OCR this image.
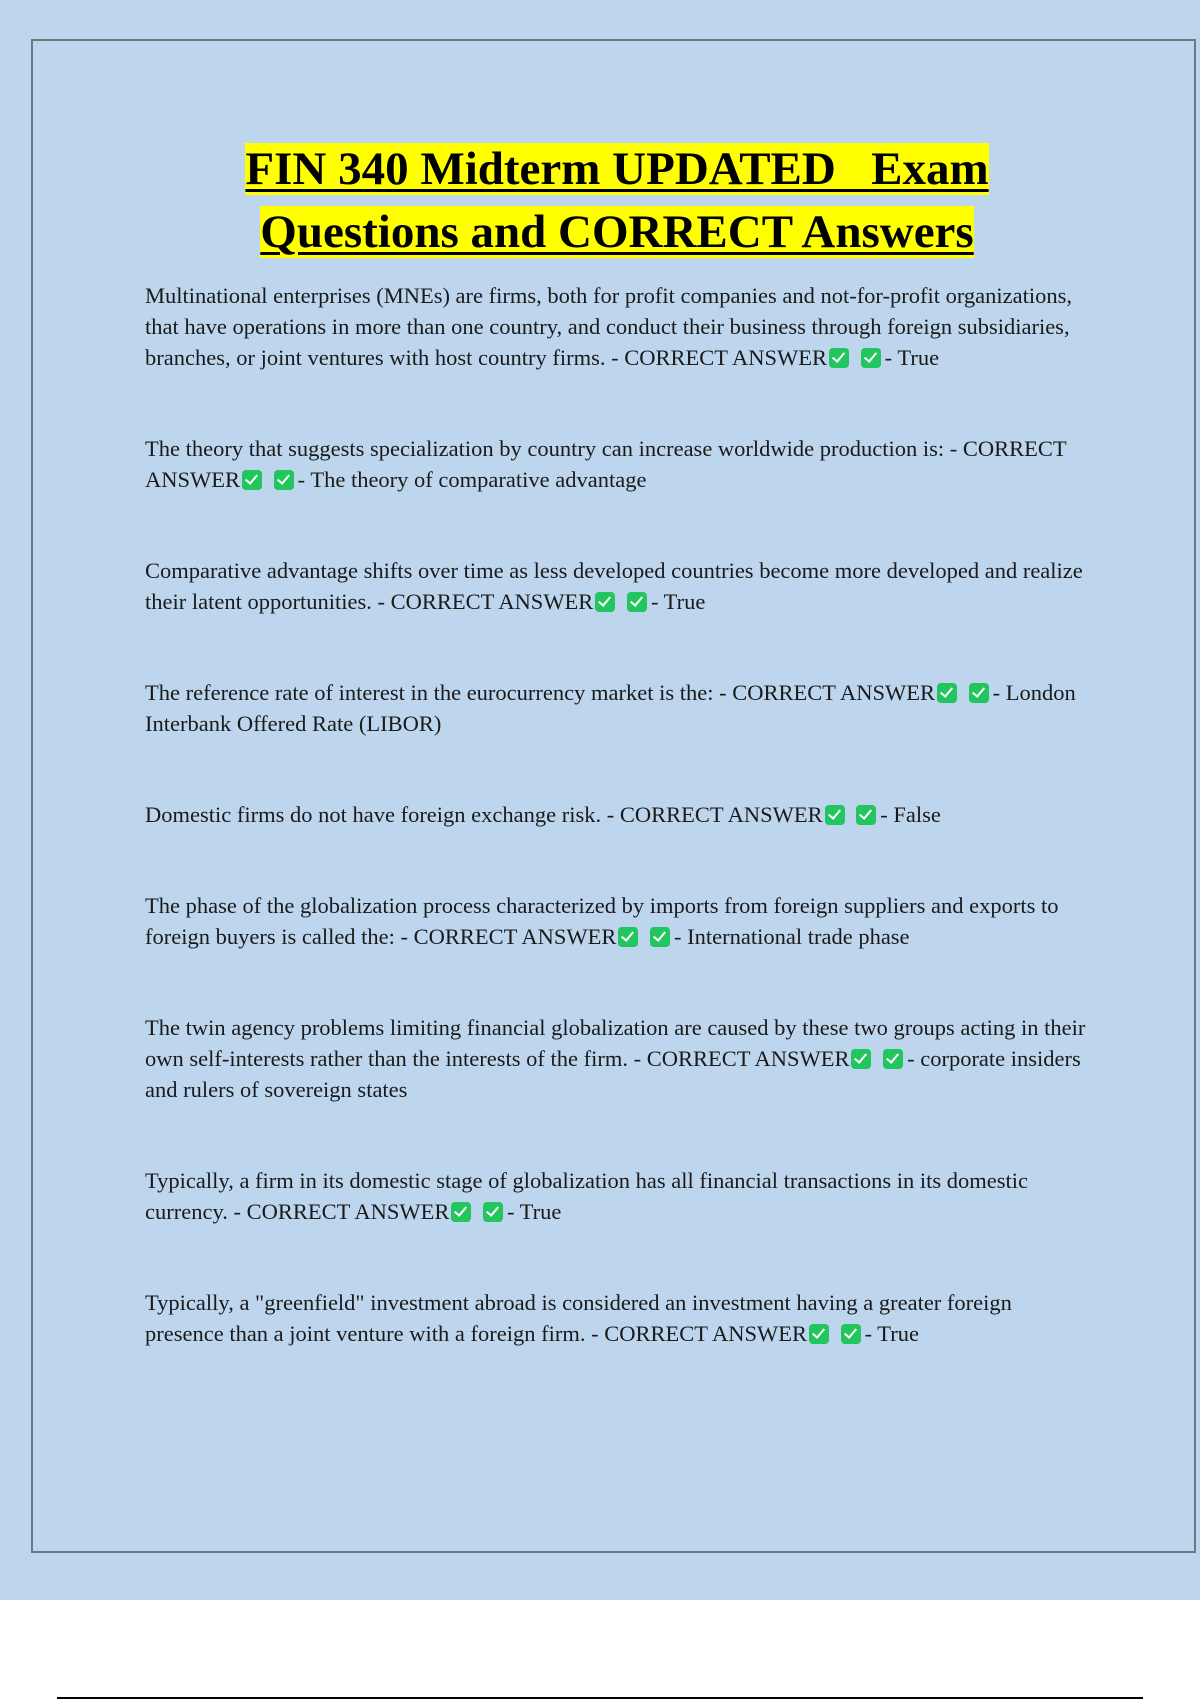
FIN 340 Midterm UPDATED   Exam
Questions and CORRECT Answers

Multinational enterprises (MNEs) are firms, both for profit companies and not-for-profit organizations, that have operations in more than one country, and conduct their business through foreign subsidiaries, branches, or joint ventures with host country firms. - CORRECT ANSWER	- True

The theory that suggests specialization by country can increase worldwide production is: - CORRECT ANSWER	- The theory of comparative advantage

Comparative advantage shifts over time as less developed countries become more developed and realize their latent opportunities. - CORRECT ANSWER	- True

The reference rate of interest in the eurocurrency market is the: - CORRECT ANSWER	- London Interbank Offered Rate (LIBOR)

Domestic firms do not have foreign exchange risk. - CORRECT ANSWER	- False

The phase of the globalization process characterized by imports from foreign suppliers and exports to foreign buyers is called the: - CORRECT ANSWER	- International trade phase

The twin agency problems limiting financial globalization are caused by these two groups acting in their own self-interests rather than the interests of the firm. - CORRECT ANSWER	- corporate insiders and rulers of sovereign states

Typically, a firm in its domestic stage of globalization has all financial transactions in its domestic currency. - CORRECT ANSWER	- True

Typically, a "greenfield" investment abroad is considered an investment having a greater foreign presence than a joint venture with a foreign firm. - CORRECT ANSWER	- True
